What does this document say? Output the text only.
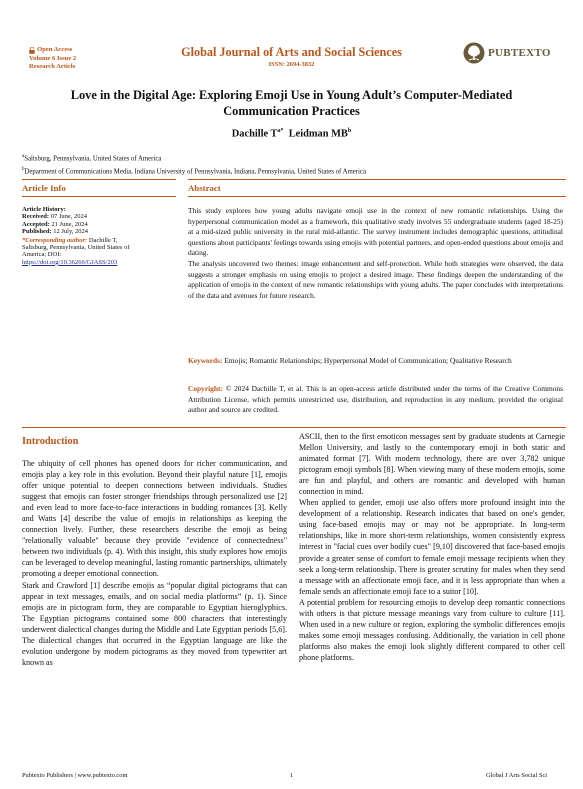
Open Access
Volume 6 Issue 2
Research Article
Global Journal of Arts and Social Sciences
ISSN: 2694-3832
PUBTEXTO
Love in the Digital Age: Exploring Emoji Use in Young Adult’s Computer-Mediated
Communication Practices
Dachille $T^{a*}$ Leidman $MB^b$
$^a$Saltsburg, Pennsylvania, United States of America
$^b$Department of Communications Media, Indiana University of Pennsylvania, Indiana, Pennsylvania, United States of America
Article Info	Abstract
Article History:
Received: 07 June, 2024
Accepted: 21 June, 2024
Published: 12 July, 2024
*Corresponding author: Dachille T, Saltsburg, Pennsylvania, United States of America; DOI:
https://doi.org/10.36266/GJASS/203

This study explores how young adults navigate emoji use in the context of new romantic relationships. Using the hyperpersonal communication model as a framework, this qualitative study involves 55 undergraduate students (aged 18-25) at a mid-sized public university in the rural mid-atlantic. The survey instrument includes demographic questions, attitudinal questions about participants' feelings towards using emojis with potential partners, and open-ended questions about emojis and dating.

The analysis uncovered two themes: image enhancement and self-protection. While both strategies were observed, the data suggests a stronger emphasis on using emojis to project a desired image. These findings deepen the understanding of the application of emojis in the context of new romantic relationships with young adults. The paper concludes with interpretations of the data and avenues for future research.

Keywords: Emojis; Romantic Relationships; Hyperpersonal Model of Communication; Qualitative Research
Copyright: © 2024 Dachille T, et al. This is an open-access article distributed under the terms of the Creative Commons Attribution License, which permits unrestricted use, distribution, and reproduction in any medium, provided the original author and source are credited.
Introduction

The ubiquity of cell phones has opened doors for richer communication, and emojis play a key role in this evolution. Beyond their playful nature [1], emojis offer unique potential to deepen connections between individuals. Studies suggest that emojis can foster stronger friendships through personalized use [2] and even lead to more face-to-face interactions in budding romances [3]. Kelly and Watts [4] describe the value of emojis in relationships as keeping the connection lively. Further, these researchers describe the emoji as being "relationally valuable" because they provide "evidence of connectedness" between two individuals (p. 4). With this insight, this study explores how emojis can be leveraged to develop meaningful, lasting romantic partnerships, ultimately promoting a deeper emotional connection.

Stark and Crawford [1] describe emojis as “popular digital pictograms that can appear in text messages, emails, and on social media platforms” (p. 1). Since emojis are in pictogram form, they are comparable to Egyptian hieroglyphics. The Egyptian pictograms contained some 800 characters that interestingly underwent dialectical changes during the Middle and Late Egyptian periods [5,6]. The dialectical changes that occurred in the Egyptian language are like the evolution undergone by modern pictograms as they moved from typewriter art known as

ASCII, then to the first emoticon messages sent by graduate students at Carnegie Mellon University, and lastly to the contemporary emoji in both static and animated format [7]. With modern technology, there are over 3,782 unique pictogram emoji symbols [8]. When viewing many of these modern emojis, some are fun and playful, and others are romantic and developed with human connection in mind.

When applied to gender, emoji use also offers more profound insight into the development of a relationship. Research indicates that based on one's gender, using face-based emojis may or may not be appropriate. In long-term relationships, like in more short-term relationships, women consistently express interest in "facial cues over bodily cues" [9,10] discovered that face-based emojis provide a greater sense of comfort to female emoji message recipients when they seek a long-term relationship. There is greater scrutiny for males when they send a message with an affectionate emoji face, and it is less appropriate than when a female sends an affectionate emoji face to a suitor [10].

A potential problem for resourcing emojis to develop deep romantic connections with others is that picture message meanings vary from culture to culture [11]. When used in a new culture or region, exploring the symbolic differences emojis makes some emoji messages confusing. Additionally, the variation in cell phone platforms also makes the emoji look slightly different compared to other cell phone platforms.

Pubtexto Publishers | www.pubtexto.com	1	Global J Arts Social Sci
